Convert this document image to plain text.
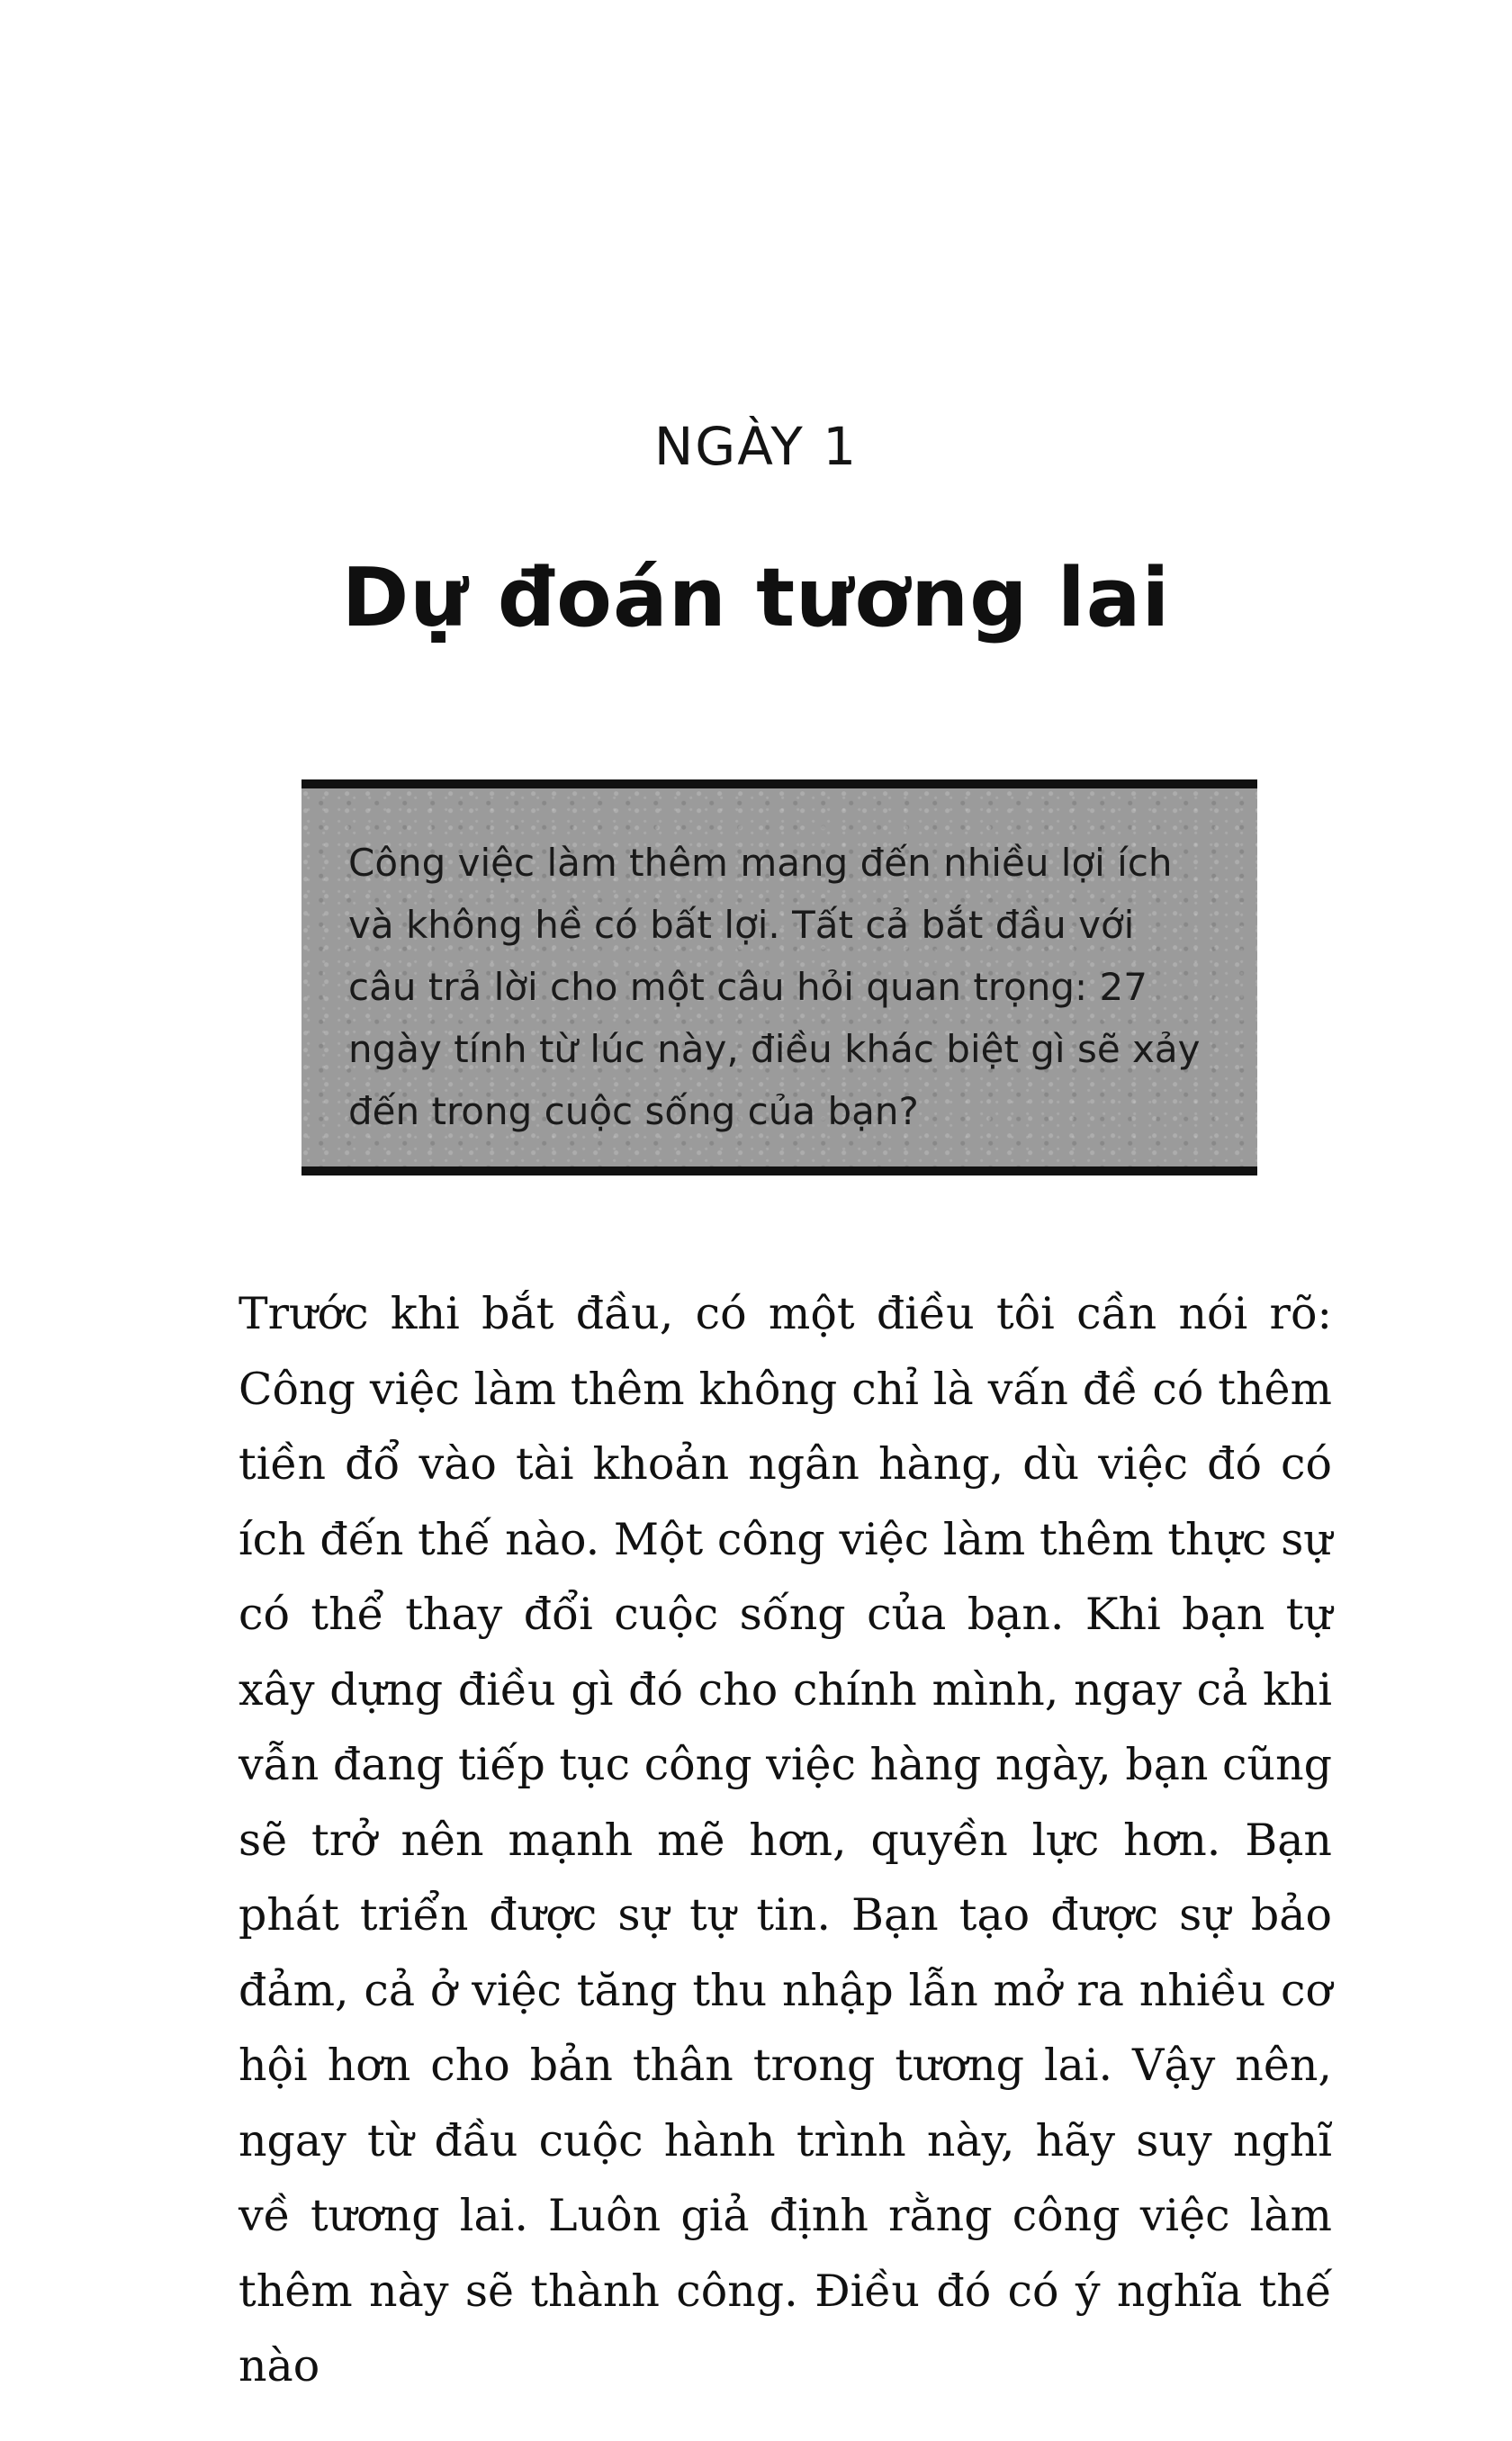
NGÀY 1
Dự đoán tương lai

Công việc làm thêm mang đến nhiều lợi ích và không hề có bất lợi. Tất cả bắt đầu với câu trả lời cho một câu hỏi quan trọng: 27 ngày tính từ lúc này, điều khác biệt gì sẽ xảy đến trong cuộc sống của bạn?

Trước khi bắt đầu, có một điều tôi cần nói rõ: Công việc làm thêm không chỉ là vấn đề có thêm tiền đổ vào tài khoản ngân hàng, dù việc đó có ích đến thế nào. Một công việc làm thêm thực sự có thể thay đổi cuộc sống của bạn. Khi bạn tự xây dựng điều gì đó cho chính mình, ngay cả khi vẫn đang tiếp tục công việc hàng ngày, bạn cũng sẽ trở nên mạnh mẽ hơn, quyền lực hơn. Bạn phát triển được sự tự tin. Bạn tạo được sự bảo đảm, cả ở việc tăng thu nhập lẫn mở ra nhiều cơ hội hơn cho bản thân trong tương lai. Vậy nên, ngay từ đầu cuộc hành trình này, hãy suy nghĩ về tương lai. Luôn giả định rằng công việc làm thêm này sẽ thành công. Điều đó có ý nghĩa thế nào
